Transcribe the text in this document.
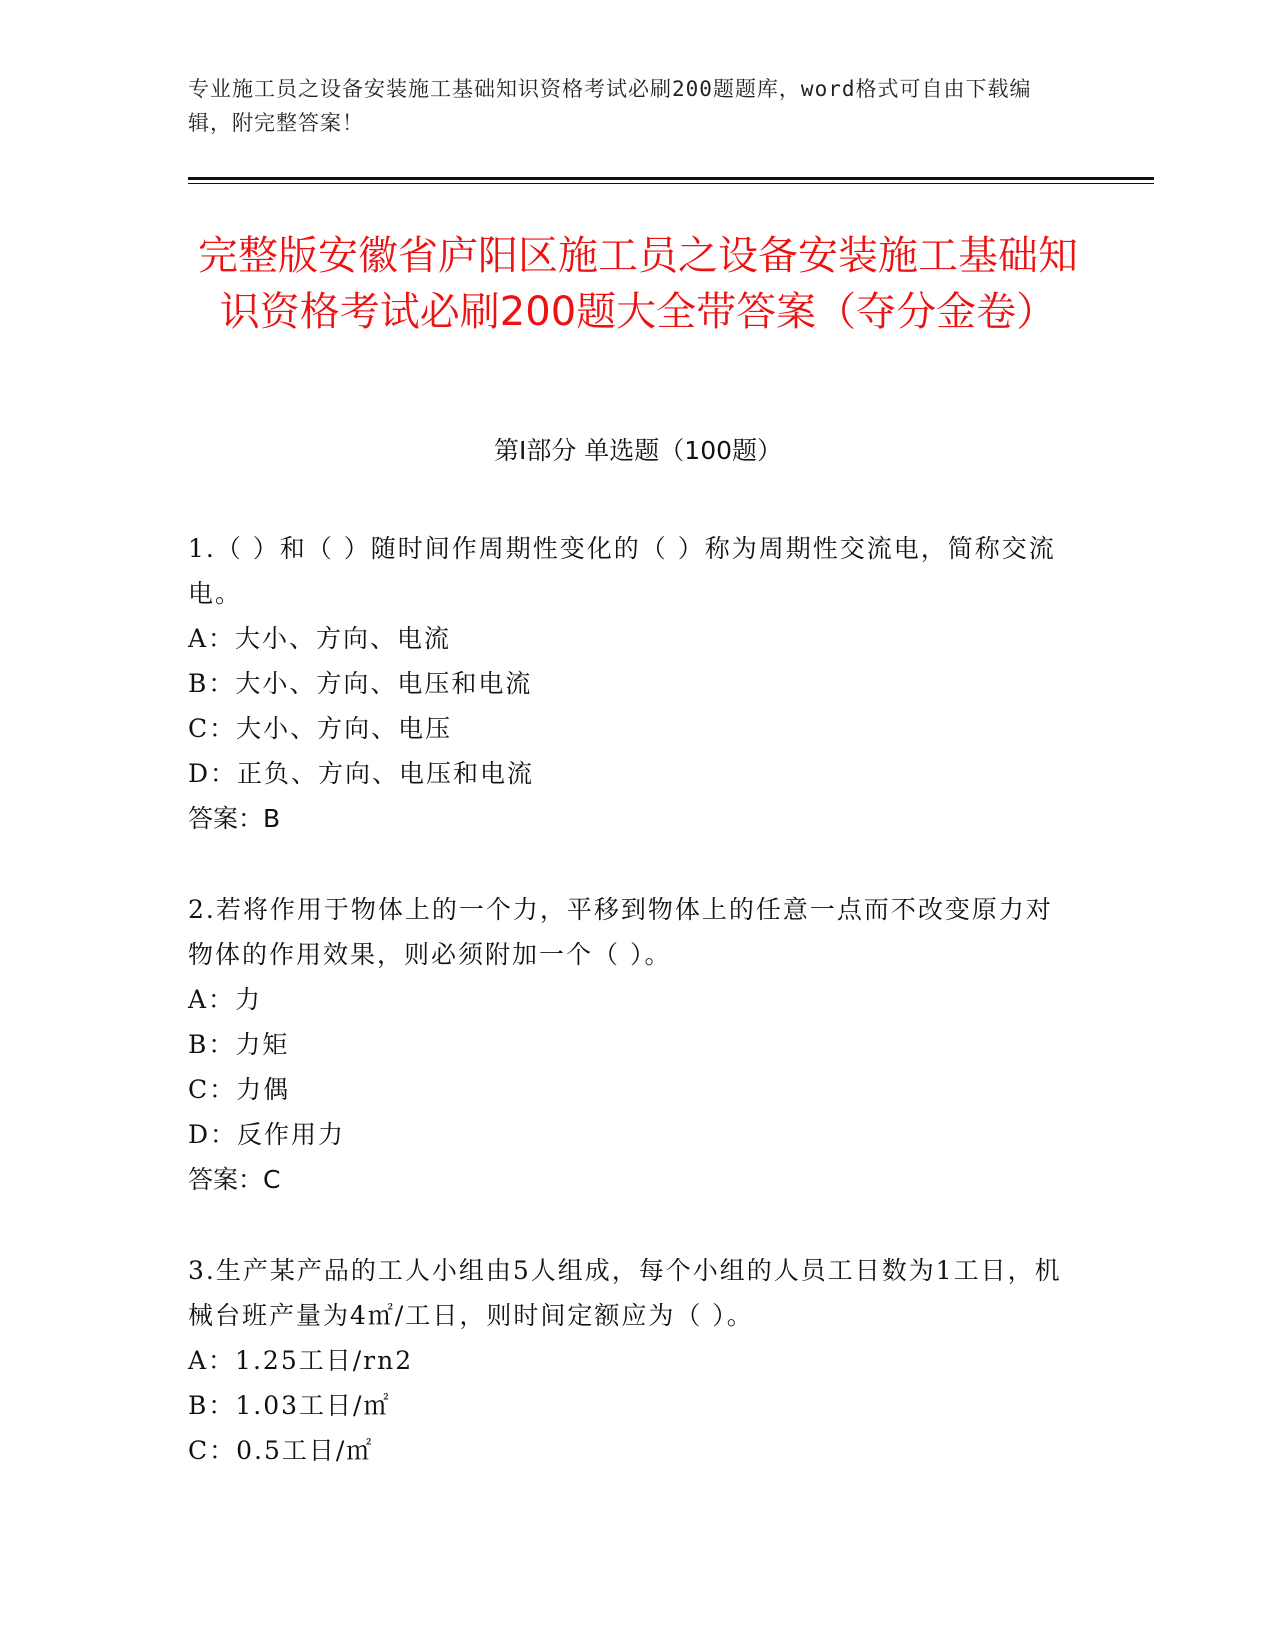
专业施工员之设备安装施工基础知识资格考试必刷200题题库，word格式可自由下载编辑，附完整答案！
完整版安徽省庐阳区施工员之设备安装施工基础知识资格考试必刷200题大全带答案（夺分金卷）
第I部分 单选题（100题）
1.（ ）和（ ）随时间作周期性变化的（ ）称为周期性交流电，简称交流电。
A：大小、方向、电流
B：大小、方向、电压和电流
C：大小、方向、电压
D：正负、方向、电压和电流
答案：B
2.若将作用于物体上的一个力，平移到物体上的任意一点而不改变原力对物体的作用效果，则必须附加一个（ ）。
A：力
B：力矩
C：力偶
D：反作用力
答案：C
3.生产某产品的工人小组由5人组成，每个小组的人员工日数为1工日，机械台班产量为4㎡/工日，则时间定额应为（ ）。
A：1.25工日/rn2
B：1.03工日/㎡
C：0.5工日/㎡
